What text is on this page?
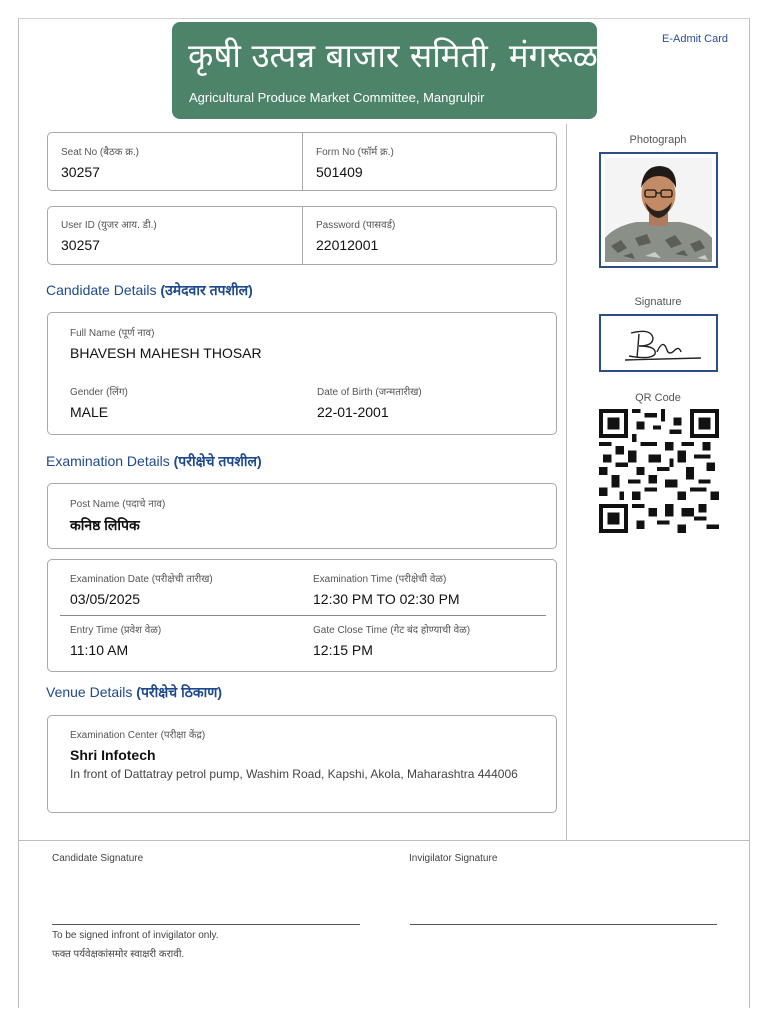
कृषी उत्पन्न बाजार समिती, मंगरूळपीर
Agricultural Produce Market Committee, Mangrulpir
E-Admit Card
Seat No (बैठक क्र.)
30257
Form No (फॉर्म क्र.)
501409
User ID (युजर आय. डी.)
30257
Password (पासवर्ड)
22012001
Candidate Details (उमेदवार तपशील)
Full Name (पूर्ण नाव)
BHAVESH MAHESH THOSAR
Gender (लिंग)
MALE
Date of Birth (जन्मतारीख)
22-01-2001
Examination Details (परीक्षेचे तपशील)
Post Name (पदाचे नाव)
कनिष्ठ लिपिक
Examination Date (परीक्षेची तारीख)
03/05/2025
Examination Time (परीक्षेची वेळ)
12:30 PM TO 02:30 PM
Entry Time (प्रवेश वेळ)
11:10 AM
Gate Close Time (गेट बंद होण्याची वेळ)
12:15 PM
Venue Details (परीक्षेचे ठिकाण)
Examination Center (परीक्षा केंद्र)
Shri Infotech
In front of Dattatray petrol pump, Washim Road, Kapshi, Akola, Maharashtra 444006
Photograph
Signature
QR Code
Candidate Signature	Invigilator Signature
To be signed infront of invigilator only.
फक्त पर्यवेक्षकांसमोर स्वाक्षरी करावी.
